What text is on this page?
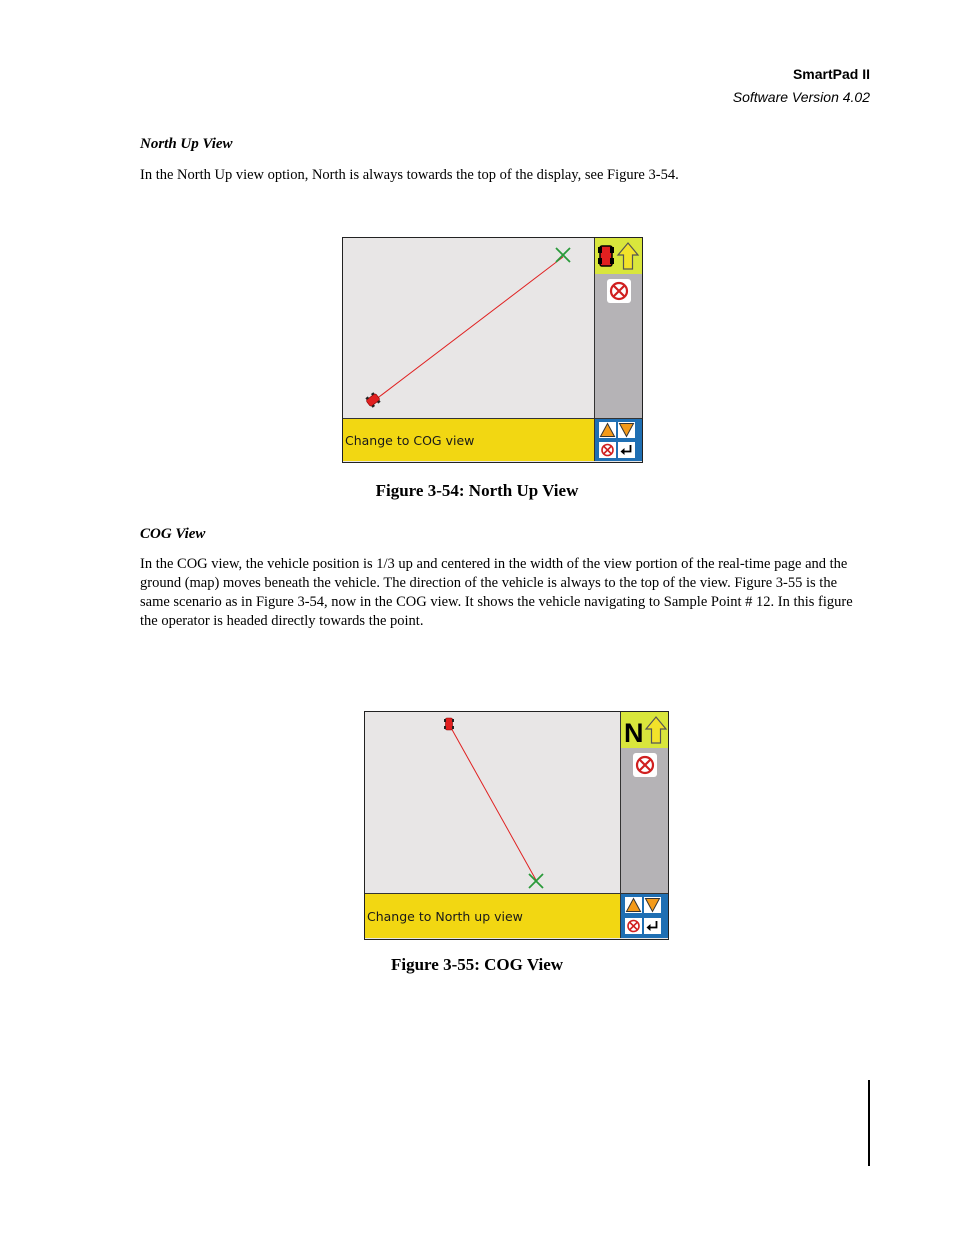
SmartPad II
Software Version 4.02
North Up View

In the North Up view option, North is always towards the top of the display, see Figure 3-54.

Change to COG view
Figure 3-54: North Up View
COG View

In the COG view, the vehicle position is 1/3 up and centered in the width of the view portion of the real-time page and the ground (map) moves beneath the vehicle. The direction of the vehicle is always to the top of the view. Figure 3-55 is the same scenario as in Figure 3-54, now in the COG view. It shows the vehicle navigating to Sample Point # 12. In this figure the operator is headed directly towards the point.

N
Change to North up view
Figure 3-55: COG View
